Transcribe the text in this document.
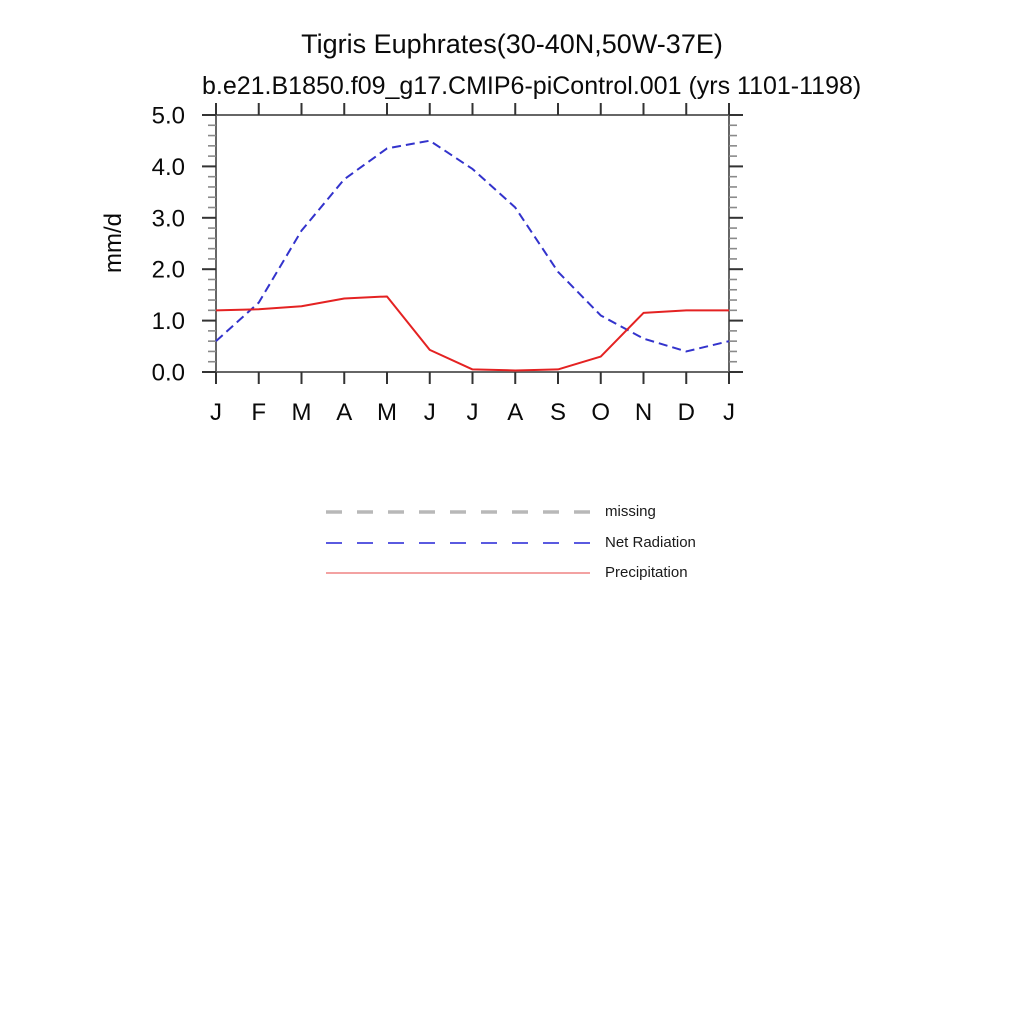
Tigris Euphrates(30-40N,50W-37E)
b.e21.B1850.f09_g17.CMIP6-piControl.001 (yrs 1101-1198)
J F M A M J J A S O N D J
0.0
1.0
2.0
3.0
4.0
5.0
mm/d
missing
Net Radiation
Precipitation
